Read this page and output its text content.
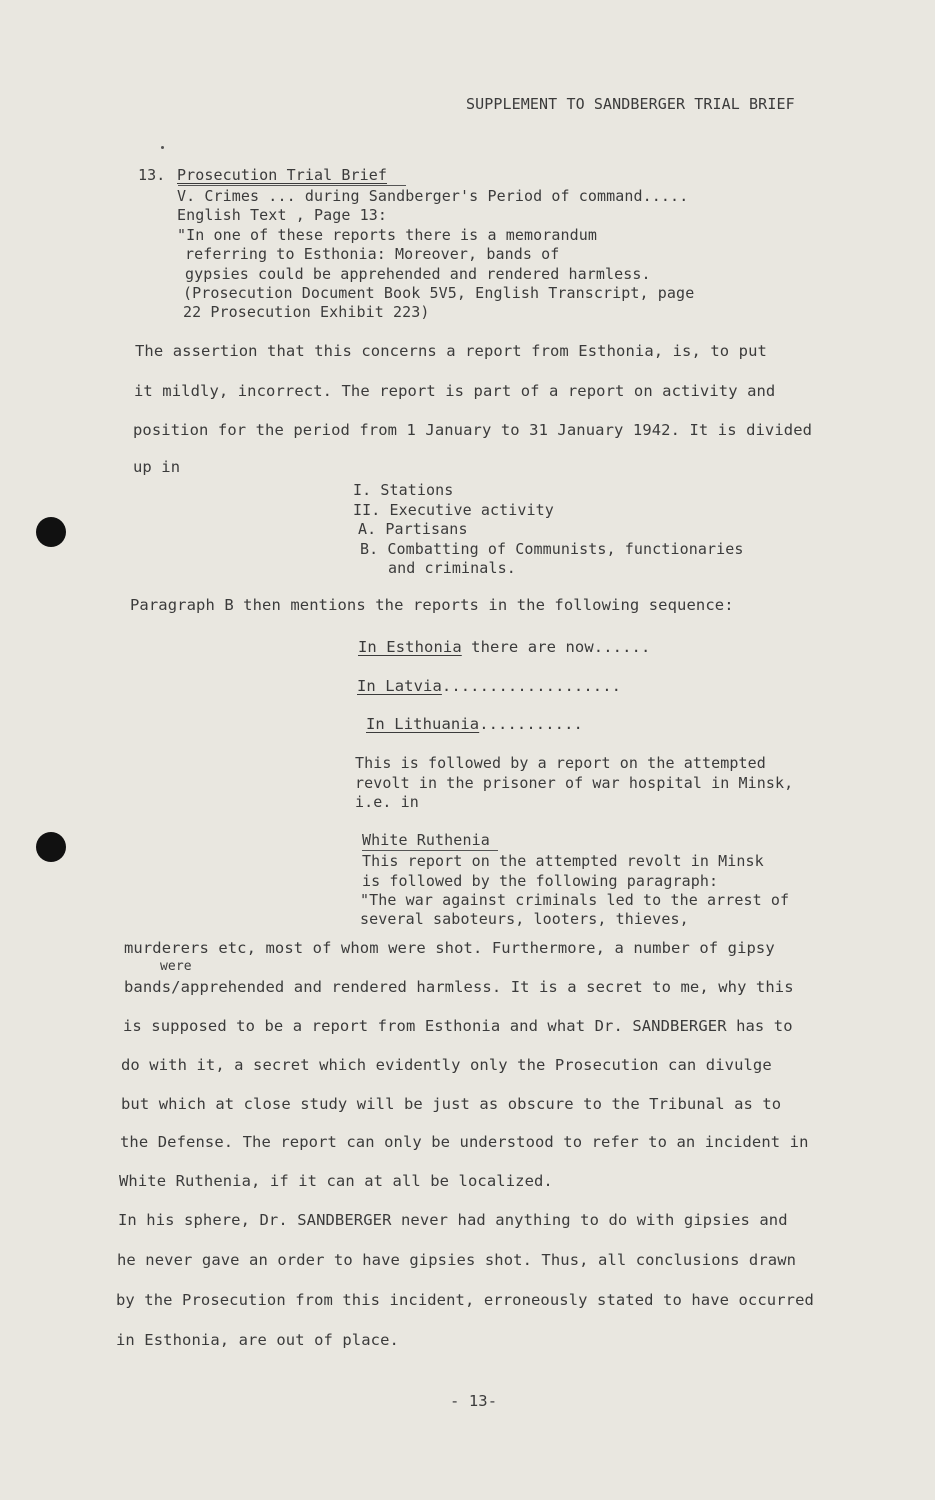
SUPPLEMENT TO SANDBERGER TRIAL BRIEF
13. Prosecution Trial Brief
V. Crimes ... during Sandberger's Period of command.....
English Text , Page 13:
"In one of these reports there is a memorandum
referring to Esthonia: Moreover, bands of
gypsies could be apprehended and rendered harmless.
(Prosecution Document Book 5V5, English Transcript, page
22 Prosecution Exhibit 223)
The assertion that this concerns a report from Esthonia, is, to put
it mildly, incorrect. The report is part of a report on activity and
position for the period from 1 January to 31 January 1942. It is divided
up in
I. Stations
II. Executive activity
A. Partisans
B. Combatting of Communists, functionaries
and criminals.
Paragraph B then mentions the reports in the following sequence:
In Esthonia there are now......
In Latvia...................
In Lithuania...........
This is followed by a report on the attempted
revolt in the prisoner of war hospital in Minsk,
i.e. in
White Ruthenia
This report on the attempted revolt in Minsk
is followed by the following paragraph:
"The war against criminals led to the arrest of
several saboteurs, looters, thieves,
murderers etc, most of whom were shot. Furthermore, a number of gipsy
were
bands/apprehended and rendered harmless. It is a secret to me, why this
is supposed to be a report from Esthonia and what Dr. SANDBERGER has to
do with it, a secret which evidently only the Prosecution can divulge
but which at close study will be just as obscure to the Tribunal as to
the Defense. The report can only be understood to refer to an incident in
White Ruthenia, if it can at all be localized.
In his sphere, Dr. SANDBERGER never had anything to do with gipsies and
he never gave an order to have gipsies shot. Thus, all conclusions drawn
by the Prosecution from this incident, erroneously stated to have occurred
in Esthonia, are out of place.
- 13-
